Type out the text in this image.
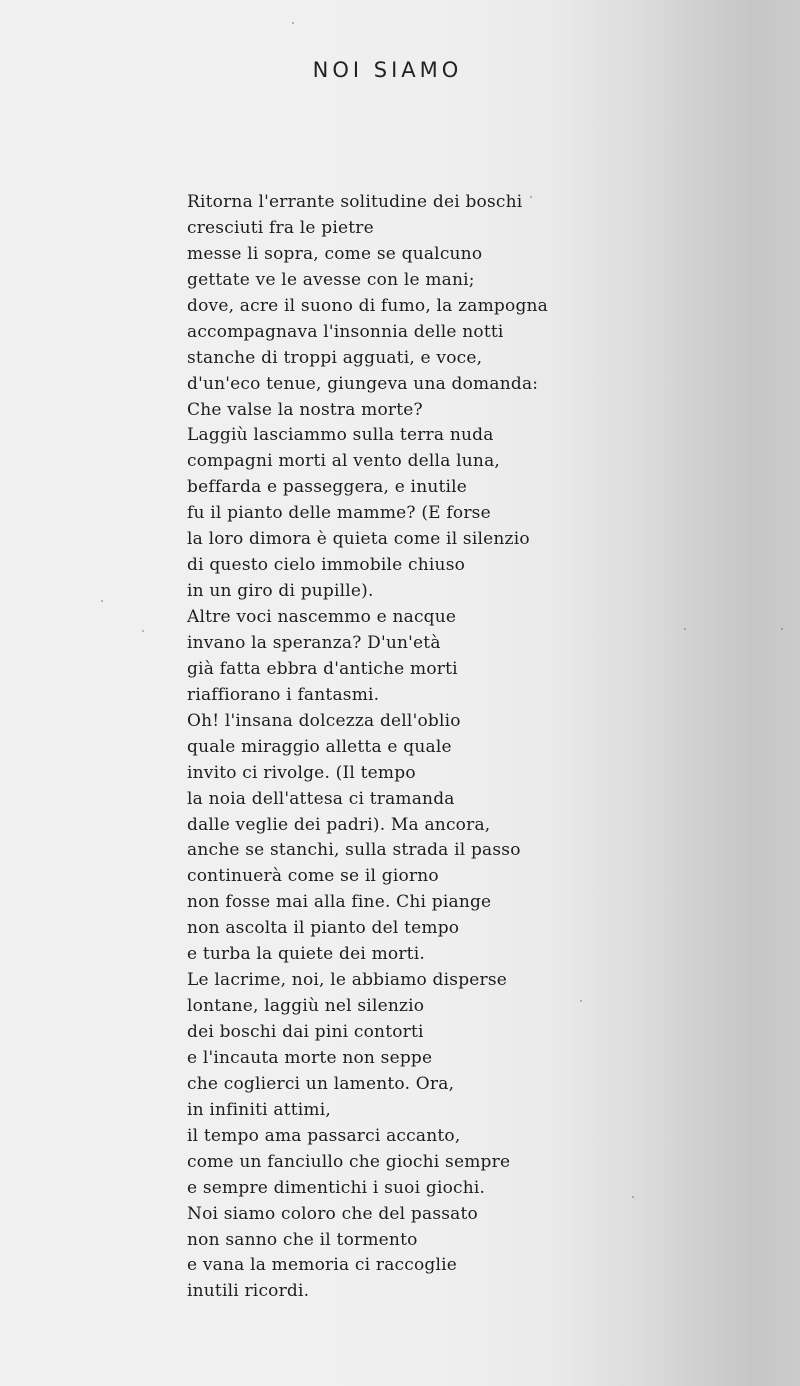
NOI SIAMO
Ritorna l'errante solitudine dei boschi
cresciuti fra le pietre
messe li sopra, come se qualcuno
gettate ve le avesse con le mani;
dove, acre il suono di fumo, la zampogna
accompagnava l'insonnia delle notti
stanche di troppi agguati, e voce,
d'un'eco tenue, giungeva una domanda:
Che valse la nostra morte?
Laggiù lasciammo sulla terra nuda
compagni morti al vento della luna,
beffarda e passeggera, e inutile
fu il pianto delle mamme? (E forse
la loro dimora è quieta come il silenzio
di questo cielo immobile chiuso
in un giro di pupille).
Altre voci nascemmo e nacque
invano la speranza? D'un'età
già fatta ebbra d'antiche morti
riaffiorano i fantasmi.
Oh! l'insana dolcezza dell'oblio
quale miraggio alletta e quale
invito ci rivolge. (Il tempo
la noia dell'attesa ci tramanda
dalle veglie dei padri). Ma ancora,
anche se stanchi, sulla strada il passo
continuerà come se il giorno
non fosse mai alla fine. Chi piange
non ascolta il pianto del tempo
e turba la quiete dei morti.
Le lacrime, noi, le abbiamo disperse
lontane, laggiù nel silenzio
dei boschi dai pini contorti
e l'incauta morte non seppe
che coglierci un lamento. Ora,
in infiniti attimi,
il tempo ama passarci accanto,
come un fanciullo che giochi sempre
e sempre dimentichi i suoi giochi.
Noi siamo coloro che del passato
non sanno che il tormento
e vana la memoria ci raccoglie
inutili ricordi.
